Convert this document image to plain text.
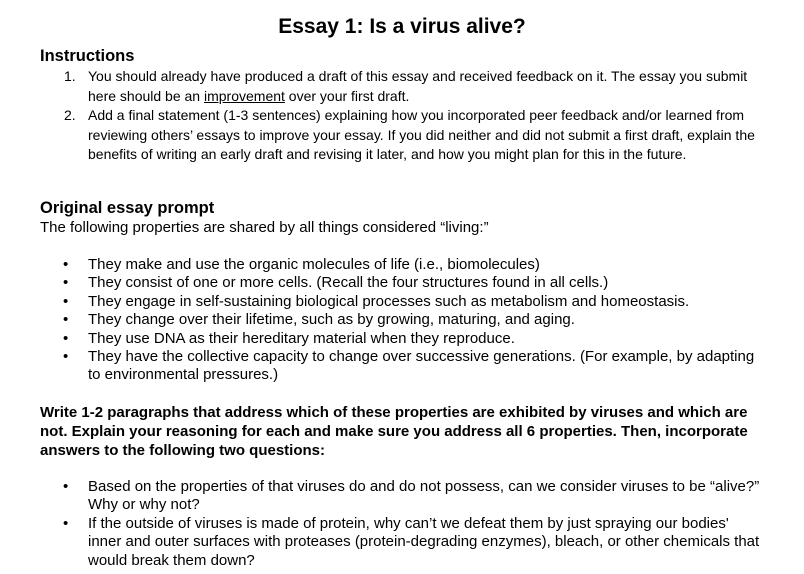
Essay 1: Is a virus alive?
Instructions
1. You should already have produced a draft of this essay and received feedback on it. The essay you submit here should be an improvement over your first draft.
2. Add a final statement (1-3 sentences) explaining how you incorporated peer feedback and/or learned from reviewing others’ essays to improve your essay. If you did neither and did not submit a first draft, explain the benefits of writing an early draft and revising it later, and how you might plan for this in the future.
Original essay prompt
The following properties are shared by all things considered “living:”
• They make and use the organic molecules of life (i.e., biomolecules)
• They consist of one or more cells. (Recall the four structures found in all cells.)
• They engage in self-sustaining biological processes such as metabolism and homeostasis.
• They change over their lifetime, such as by growing, maturing, and aging.
• They use DNA as their hereditary material when they reproduce.
• They have the collective capacity to change over successive generations. (For example, by adapting to environmental pressures.)
Write 1-2 paragraphs that address which of these properties are exhibited by viruses and which are not. Explain your reasoning for each and make sure you address all 6 properties. Then, incorporate answers to the following two questions:
• Based on the properties of that viruses do and do not possess, can we consider viruses to be “alive?” Why or why not?
• If the outside of viruses is made of protein, why can’t we defeat them by just spraying our bodies' inner and outer surfaces with proteases (protein-degrading enzymes), bleach, or other chemicals that would break them down?
